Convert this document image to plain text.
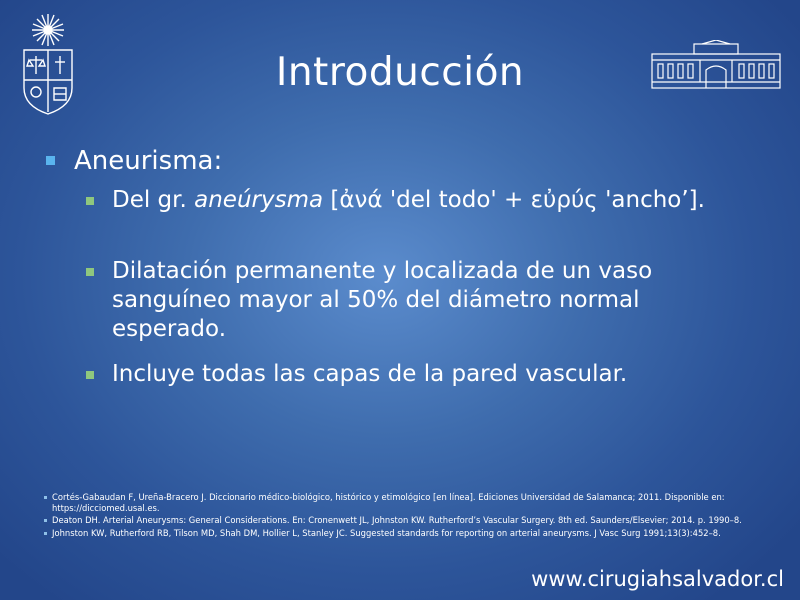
Introducción
Aneurisma:
Del gr. aneúrysma [ἀνά 'del todo' + εὐρύς 'ancho’].
Dilatación permanente y localizada de un vaso sanguíneo mayor al 50% del diámetro normal esperado.
Incluye todas las capas de la pared vascular.
Cortés-Gabaudan F, Ureña-Bracero J. Diccionario médico-biológico, histórico y etimológico [en línea]. Ediciones Universidad de Salamanca; 2011. Disponible en: https://dicciomed.usal.es.
Deaton DH. Arterial Aneurysms: General Considerations. En: Cronenwett JL, Johnston KW. Rutherford’s Vascular Surgery. 8th ed. Saunders/Elsevier; 2014. p. 1990–8.
Johnston KW, Rutherford RB, Tilson MD, Shah DM, Hollier L, Stanley JC. Suggested standards for reporting on arterial aneurysms. J Vasc Surg 1991;13(3):452–8.
www.cirugiahsalvador.cl
